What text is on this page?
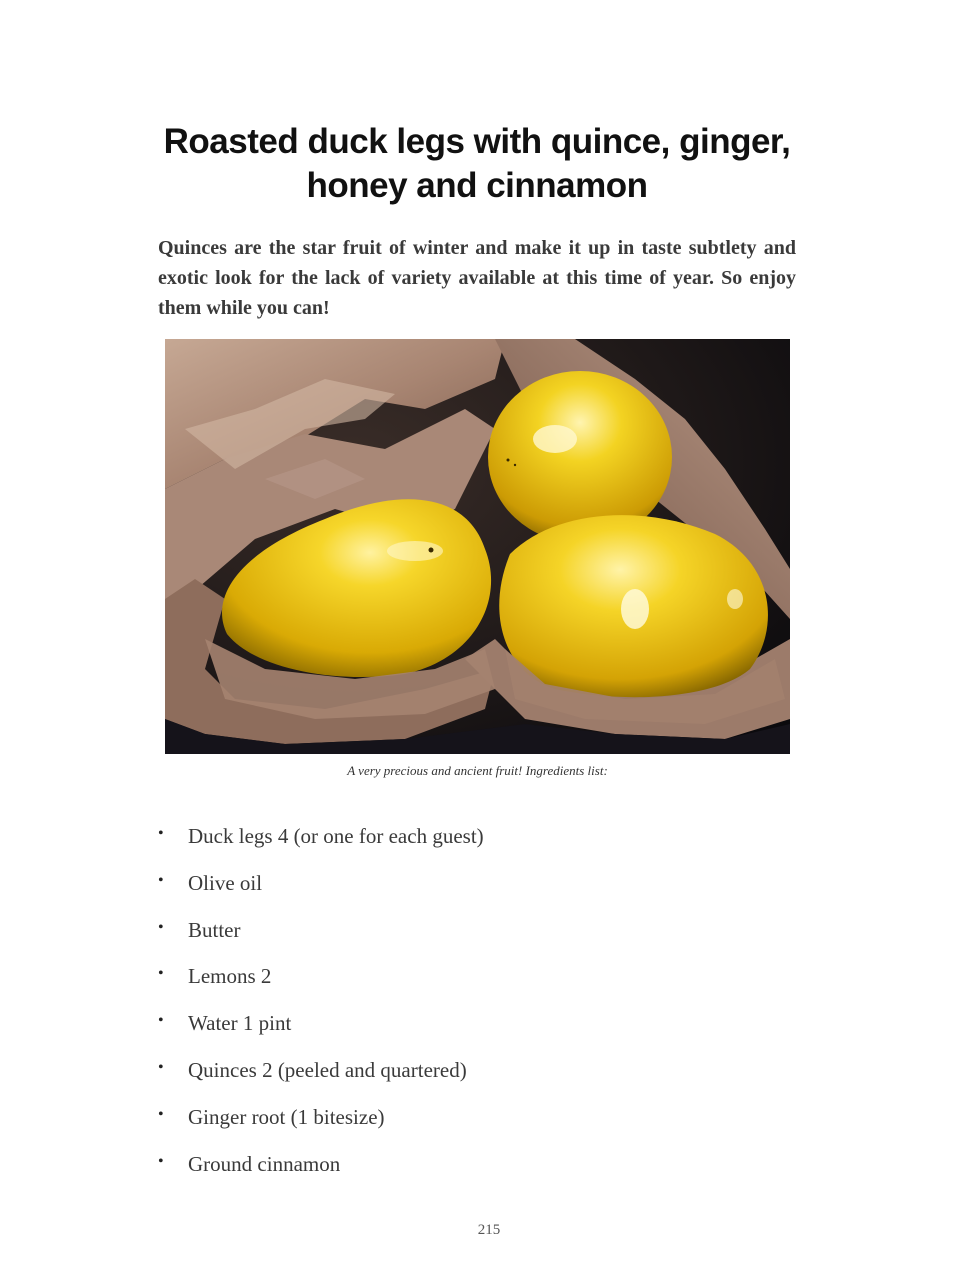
Roasted duck legs with quince, ginger,
honey and cinnamon

Quinces are the star fruit of winter and make it up in taste subtlety and exotic look for the lack of variety available at this time of year. So enjoy them while you can!

A very precious and ancient fruit! Ingredients list:
• Duck legs 4 (or one for each guest)
• Olive oil
• Butter
• Lemons 2
• Water 1 pint
• Quinces 2 (peeled and quartered)
• Ginger root (1 bitesize)
• Ground cinnamon
215
